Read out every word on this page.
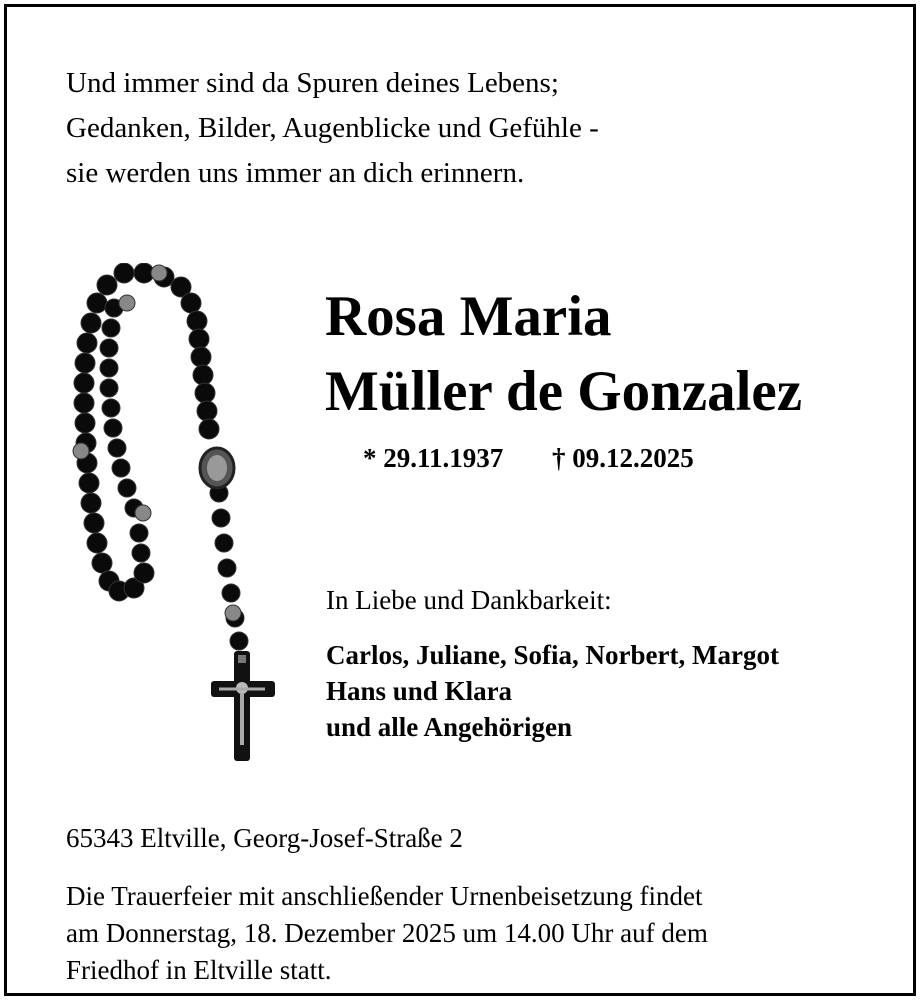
Und immer sind da Spuren deines Lebens;
Gedanken, Bilder, Augenblicke und Gefühle -
sie werden uns immer an dich erinnern.
Rosa Maria
Müller de Gonzalez
* 29.11.1937 † 09.12.2025
In Liebe und Dankbarkeit:
Carlos, Juliane, Sofia, Norbert, Margot
Hans und Klara
und alle Angehörigen
65343 Eltville, Georg-Josef-Straße 2
Die Trauerfeier mit anschließender Urnenbeisetzung findet
am Donnerstag, 18. Dezember 2025 um 14.00 Uhr auf dem
Friedhof in Eltville statt.
